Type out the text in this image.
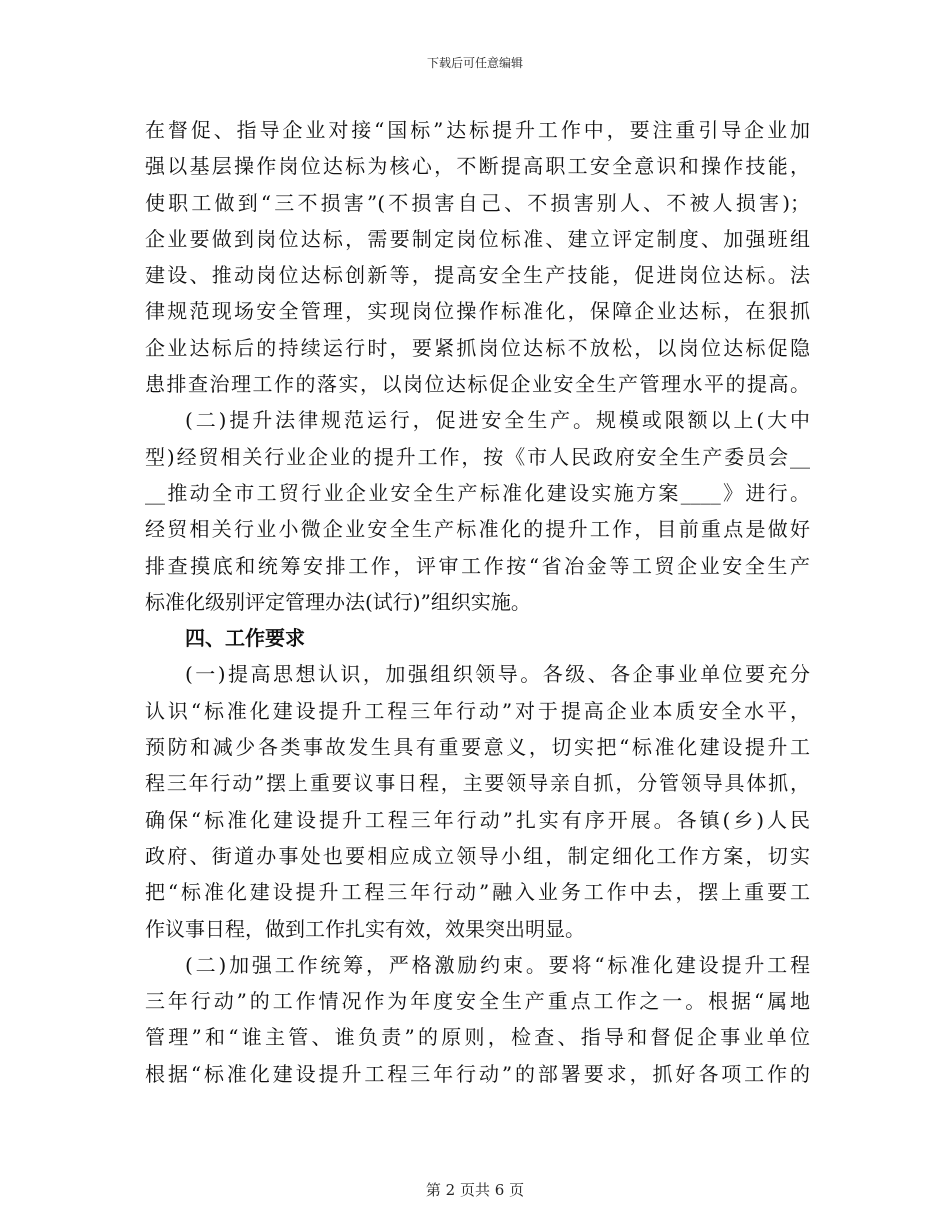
下载后可任意编辑
在督促、指导企业对接“国标”达标提升工作中，要注重引导企业加
强以基层操作岗位达标为核心，不断提高职工安全意识和操作技能，
使职工做到“三不损害”(不损害自己、不损害别人、不被人损害)；
企业要做到岗位达标，需要制定岗位标准、建立评定制度、加强班组
建设、推动岗位达标创新等，提高安全生产技能，促进岗位达标。法
律规范现场安全管理，实现岗位操作标准化，保障企业达标，在狠抓
企业达标后的持续运行时，要紧抓岗位达标不放松，以岗位达标促隐
患排查治理工作的落实，以岗位达标促企业安全生产管理水平的提高。
(二)提升法律规范运行，促进安全生产。规模或限额以上(大中
型)经贸相关行业企业的提升工作，按《市人民政府安全生产委员会__
__推动全市工贸行业企业安全生产标准化建设实施方案____》进行。
经贸相关行业小微企业安全生产标准化的提升工作，目前重点是做好
排查摸底和统筹安排工作，评审工作按“省冶金等工贸企业安全生产
标准化级别评定管理办法(试行)”组织实施。
四、工作要求
(一)提高思想认识，加强组织领导。各级、各企事业单位要充分
认识“标准化建设提升工程三年行动”对于提高企业本质安全水平，
预防和减少各类事故发生具有重要意义，切实把“标准化建设提升工
程三年行动”摆上重要议事日程，主要领导亲自抓，分管领导具体抓，
确保“标准化建设提升工程三年行动”扎实有序开展。各镇(乡)人民
政府、街道办事处也要相应成立领导小组，制定细化工作方案，切实
把“标准化建设提升工程三年行动”融入业务工作中去，摆上重要工
作议事日程，做到工作扎实有效，效果突出明显。
(二)加强工作统筹，严格激励约束。要将“标准化建设提升工程
三年行动”的工作情况作为年度安全生产重点工作之一。根据“属地
管理”和“谁主管、谁负责”的原则，检查、指导和督促企事业单位
根据“标准化建设提升工程三年行动”的部署要求，抓好各项工作的
第 2 页共 6 页
